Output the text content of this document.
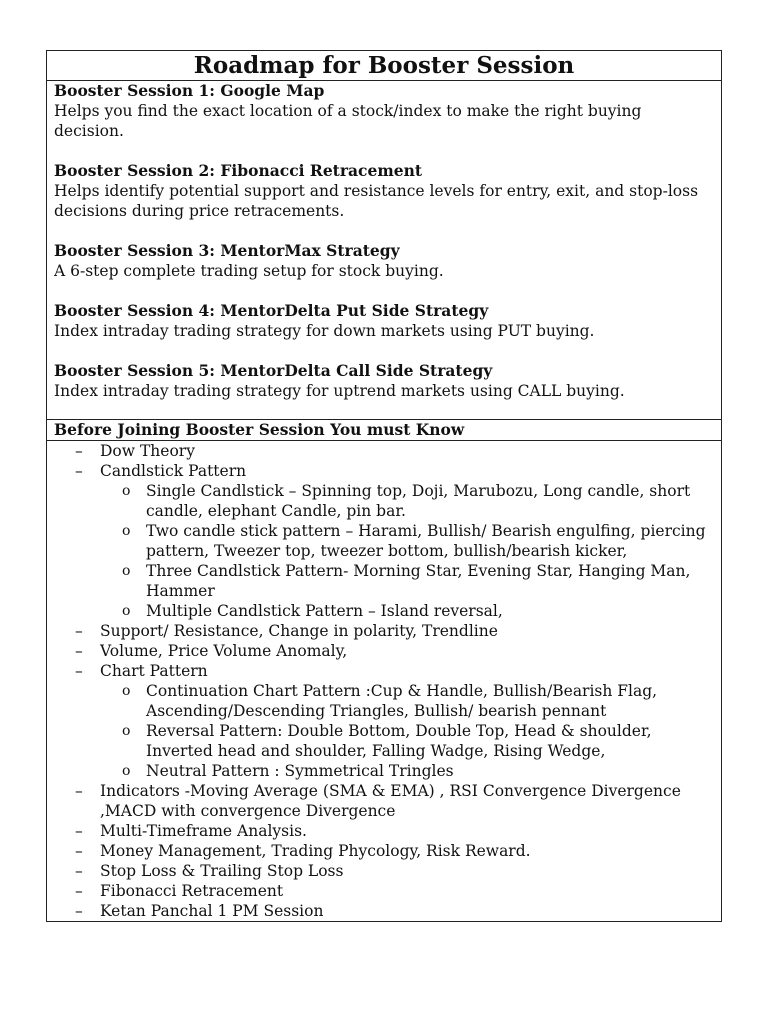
Roadmap for Booster Session
Booster Session 1: Google Map
Helps you find the exact location of a stock/index to make the right buying decision.
Booster Session 2: Fibonacci Retracement
Helps identify potential support and resistance levels for entry, exit, and stop-loss decisions during price retracements.
Booster Session 3: MentorMax Strategy
A 6-step complete trading setup for stock buying.
Booster Session 4: MentorDelta Put Side Strategy
Index intraday trading strategy for down markets using PUT buying.
Booster Session 5: MentorDelta Call Side Strategy
Index intraday trading strategy for uptrend markets using CALL buying.
Before Joining Booster Session You must Know
– Dow Theory
– Candlstick Pattern
o Single Candlstick – Spinning top, Doji, Marubozu, Long candle, short candle, elephant Candle, pin bar.
o Two candle stick pattern – Harami, Bullish/ Bearish engulfing, piercing pattern, Tweezer top, tweezer bottom, bullish/bearish kicker,
o Three Candlstick Pattern- Morning Star, Evening Star, Hanging Man, Hammer
o Multiple Candlstick Pattern – Island reversal,
– Support/ Resistance, Change in polarity, Trendline
– Volume, Price Volume Anomaly,
– Chart Pattern
o Continuation Chart Pattern :Cup & Handle, Bullish/Bearish Flag, Ascending/Descending Triangles, Bullish/ bearish pennant
o Reversal Pattern: Double Bottom, Double Top, Head & shoulder, Inverted head and shoulder, Falling Wadge, Rising Wedge,
o Neutral Pattern : Symmetrical Tringles
– Indicators -Moving Average (SMA & EMA) , RSI Convergence Divergence ,MACD with convergence Divergence
– Multi-Timeframe Analysis.
– Money Management, Trading Phycology, Risk Reward.
– Stop Loss & Trailing Stop Loss
– Fibonacci Retracement
– Ketan Panchal 1 PM Session
